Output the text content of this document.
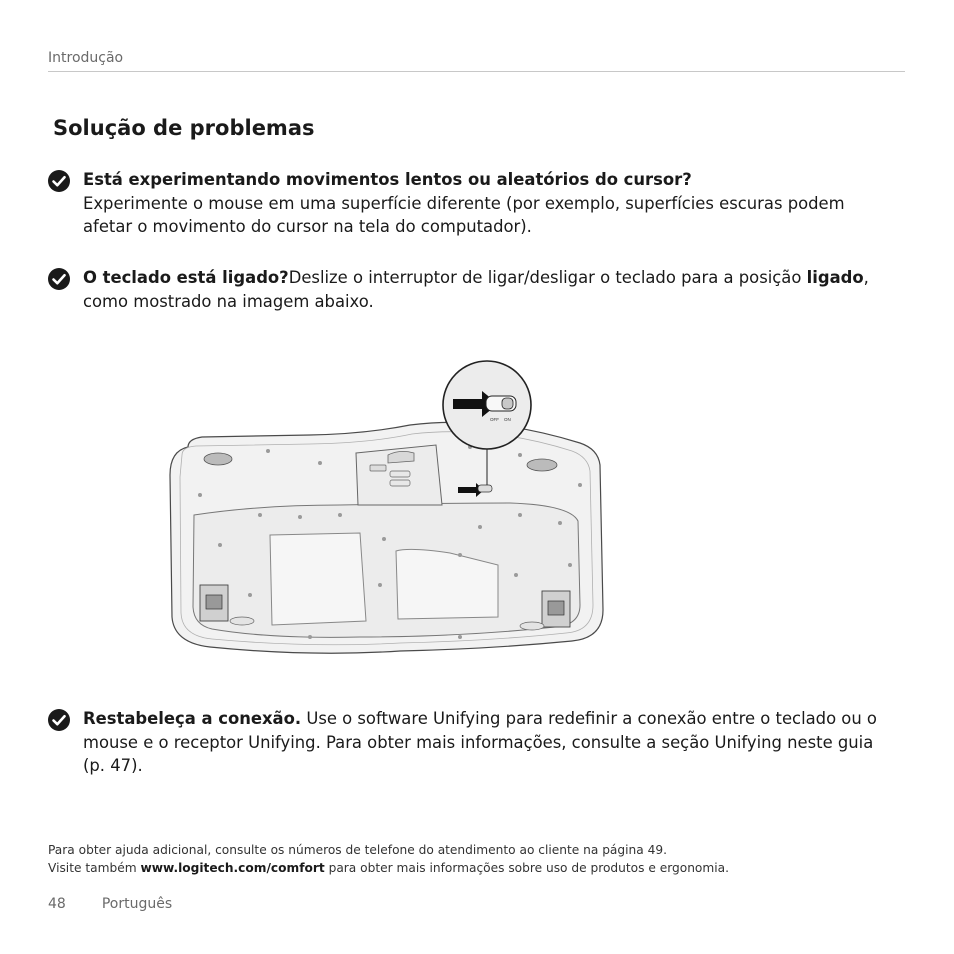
Introdução
Solução de problemas
Está experimentando movimentos lentos ou aleatórios do cursor?
Experimente o mouse em uma superfície diferente (por exemplo, superfícies escuras podem afetar o movimento do cursor na tela do computador).
O teclado está ligado?Deslize o interruptor de ligar/desligar o teclado para a posição ligado, como mostrado na imagem abaixo.
OFF ON
Restabeleça a conexão. Use o software Unifying para redefinir a conexão entre o teclado ou o mouse e o receptor Unifying. Para obter mais informações, consulte a seção Unifying neste guia (p. 47).
Para obter ajuda adicional, consulte os números de telefone do atendimento ao cliente na página 49.
Visite também www.logitech.com/comfort para obter mais informações sobre uso de produtos e ergonomia.
48	Português
